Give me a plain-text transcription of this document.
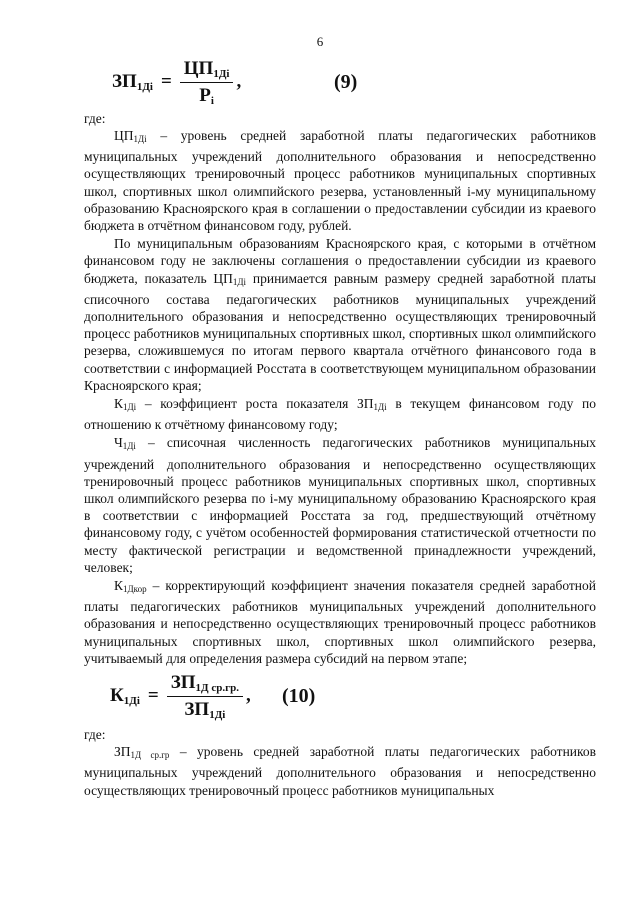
6
$ЗП_{1Дi} = \frac{ЦП_{1Дi}}{Р_i}$ ,	(9)
где:

$ЦП_{1Дi}$ – уровень средней заработной платы педагогических работников муниципальных учреждений дополнительного образования и непосредственно осуществляющих тренировочный процесс работников муниципальных спортивных школ, спортивных школ олимпийского резерва, установленный i-му муниципальному образованию Красноярского края в соглашении о предоставлении субсидии из краевого бюджета в отчётном финансовом году, рублей.

По муниципальным образованиям Красноярского края, с которыми в отчётном финансовом году не заключены соглашения о предоставлении субсидии из краевого бюджета, показатель $ЦП_{1Дi}$ принимается равным размеру средней заработной платы списочного состава педагогических работников муниципальных учреждений дополнительного образования и непосредственно осуществляющих тренировочный процесс работников муниципальных спортивных школ, спортивных школ олимпийского резерва, сложившемуся по итогам первого квартала отчётного финансового года в соответствии с информацией Росстата в соответствующем муниципальном образовании Красноярского края;

$К_{1Дi}$ – коэффициент роста показателя $ЗП_{1Дi}$ в текущем финансовом году по отношению к отчётному финансовому году;

$Ч_{1Дi}$ – списочная численность педагогических работников муниципальных учреждений дополнительного образования и непосредственно осуществляющих тренировочный процесс работников муниципальных спортивных школ, спортивных школ олимпийского резерва по i-му муниципальному образованию Красноярского края в соответствии с информацией Росстата за год, предшествующий отчётному финансовому году, с учётом особенностей формирования статистической отчетности по месту фактической регистрации и ведомственной принадлежности учреждений, человек;

$К_{1Дкор}$ – корректирующий коэффициент значения показателя средней заработной платы педагогических работников муниципальных учреждений дополнительного образования и непосредственно осуществляющих тренировочный процесс работников муниципальных спортивных школ, спортивных школ олимпийского резерва, учитываемый для определения размера субсидий на первом этапе;

$К_{1Дi} = \frac{ЗП_{1Д ср.гр.}}{ЗП_{1Дi}}$ , (10)
где:

$ЗП_{1Д ср.гр}$ – уровень средней заработной платы педагогических работников муниципальных учреждений дополнительного образования и непосредственно осуществляющих тренировочный процесс работников муниципальных
